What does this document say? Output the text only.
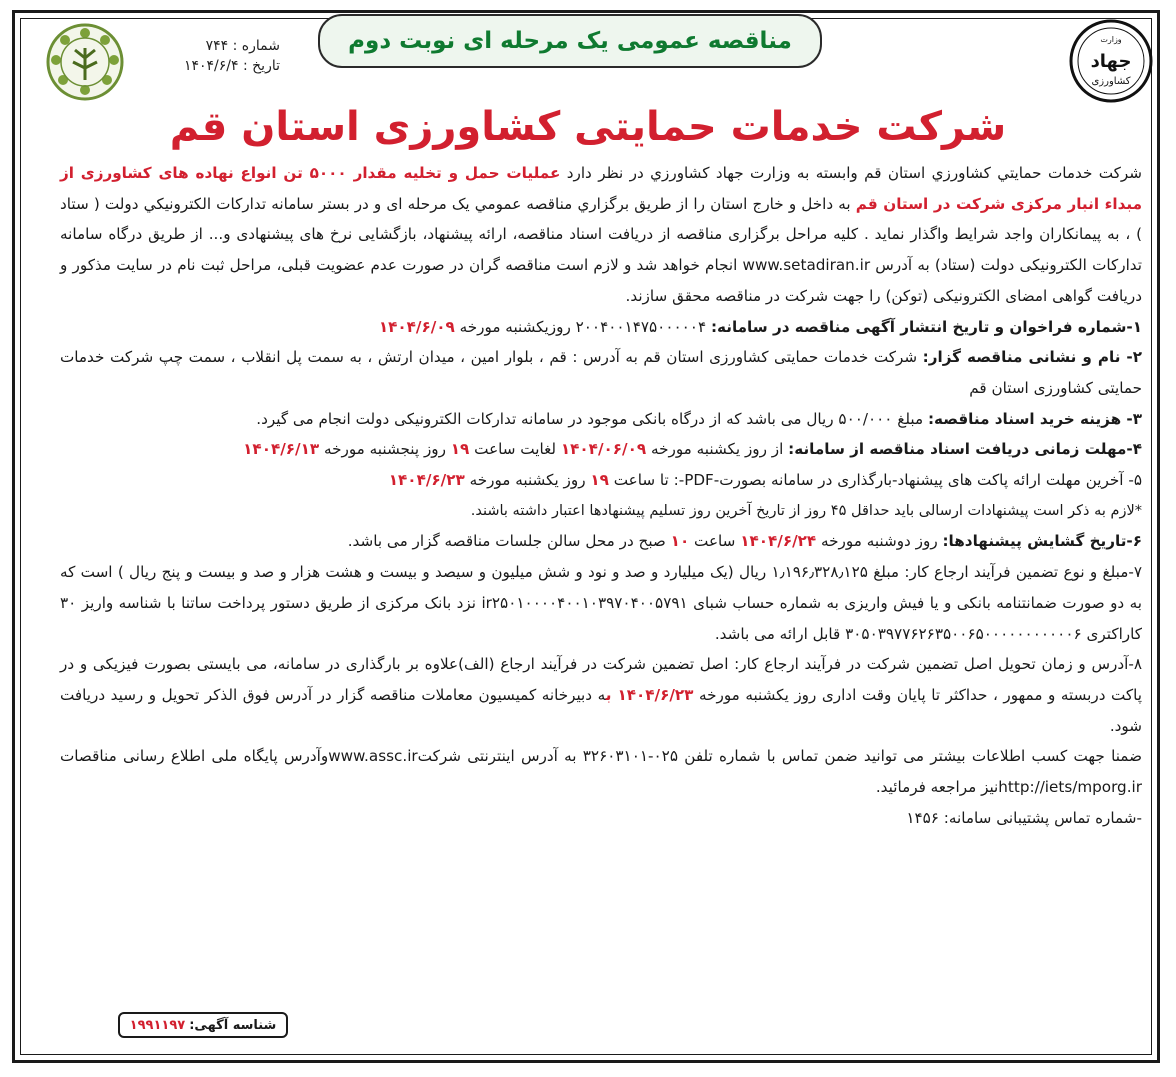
وزارت
جهاد
کشاورزی
مناقصه عمومی یک مرحله ای نوبت دوم
شماره : ۷۴۴
تاریخ : ۱۴۰۴/۶/۴
شرکت خدمات حمایتی کشاورزی استان قم

شرکت خدمات حمايتي كشاورزي استان قم وابسته به وزارت جهاد كشاورزي در نظر دارد عملیات حمل و تخلیه مقدار ۵۰۰۰ تن انواع نهاده های کشاورزی از مبداء انبار مرکزی شرکت در استان قم به داخل و خارج استان را از طريق برگزاري مناقصه عمومي يک مرحله ای و در بستر سامانه تداركات الكترونيكي دولت ( ستاد ) ، به پیمانکاران واجد شرايط واگذار نمايد . كليه مراحل برگزاری مناقصه از دريافت اسناد مناقصه، ارائه پيشنهاد، بازگشايی نرخ های پيشنهادی و... از طريق درگاه سامانه تداركات الكترونيكی دولت (ستاد) به آدرس www.setadiran.ir انجام خواهد شد و لازم است مناقصه گران در صورت عدم عضويت قبلی، مراحل ثبت نام در سايت مذكور و دريافت گواهی امضای الكترونيكی (توكن) را جهت شركت در مناقصه محقق سازند.

۱-شماره فراخوان و تاریخ انتشار آگهی مناقصه در سامانه: ۲۰۰۴۰۰۱۴۷۵۰۰۰۰۰۴ روزیکشنبه مورخه ۱۴۰۴/۶/۰۹

۲- نام و نشانی مناقصه گزار: شرکت خدمات حمایتی کشاورزی استان قم به آدرس : قم ، بلوار امین ، میدان ارتش ، به سمت پل انقلاب ، سمت چپ شرکت خدمات حمایتی کشاورزی استان قم

۳- هزینه خرید اسناد مناقصه: مبلغ ۵۰۰/۰۰۰ ریال می باشد که از درگاه بانکی موجود در سامانه تدارکات الکترونیکی دولت انجام می گیرد.

۴-مهلت زمانی دریافت اسناد مناقصه از سامانه: از روز یکشنبه مورخه ۱۴۰۴/۰۶/۰۹ لغایت ساعت ۱۹ روز پنجشنبه مورخه ۱۴۰۴/۶/۱۳

۵- آخرین مهلت ارائه پاکت های پیشنهاد-بارگذاری در سامانه بصورت-PDF-: تا ساعت ۱۹ روز یکشنبه مورخه ۱۴۰۴/۶/۲۳

*لازم به ذکر است پیشنهادات ارسالی باید حداقل ۴۵ روز از تاریخ آخرین روز تسلیم پیشنهادها اعتبار داشته باشند.

۶-تاریخ گشایش پیشنهادها: روز دوشنبه مورخه ۱۴۰۴/۶/۲۴ ساعت ۱۰ صبح در محل سالن جلسات مناقصه گزار می باشد.

۷-مبلغ و نوع تضمین فرآیند ارجاع کار: مبلغ ۱٫۱۹۶٫۳۲۸٫۱۲۵ ریال (یک میلیارد و صد و نود و شش میلیون و سیصد و بیست و هشت هزار و صد و بیست و پنج ریال ) است که به دو صورت ضمانتنامه بانکی و یا فیش واریزی به شماره حساب شبای ir۲۵۰۱۰۰۰۰۴۰۰۱۰۳۹۷۰۴۰۰۵۷۹۱ نزد بانک مرکزی از طریق دستور پرداخت ساتنا با شناسه واریز ۳۰ کاراکتری ۳۰۵۰۳۹۷۷۶۲۶۳۵۰۰۶۵۰۰۰۰۰۰۰۰۰۰۰۶ قابل ارائه می باشد.

۸-آدرس و زمان تحویل اصل تضمین شرکت در فرآیند ارجاع کار: اصل تضمین شرکت در فرآیند ارجاع (الف)علاوه بر بارگذاری در سامانه، می بایستی بصورت فیزیکی و در پاکت دربسته و ممهور ، حداکثر تا پایان وقت اداری روز یکشنبه مورخه ۱۴۰۴/۶/۲۳ به دبیرخانه کمیسیون معاملات مناقصه گزار در آدرس فوق الذکر تحویل و رسید دریافت شود.

ضمنا جهت کسب اطلاعات بیشتر می توانید ضمن تماس با شماره تلفن ۰۲۵-۳۲۶۰۳۱۰۱ به آدرس اینترنتی شرکتwww.assc.irوآدرس پایگاه ملی اطلاع رسانی مناقصات http://iets/mporg.irنیز مراجعه فرمائید.

-شماره تماس پشتیبانی سامانه: ۱۴۵۶

شناسه آگهی:
۱۹۹۱۱۹۷
